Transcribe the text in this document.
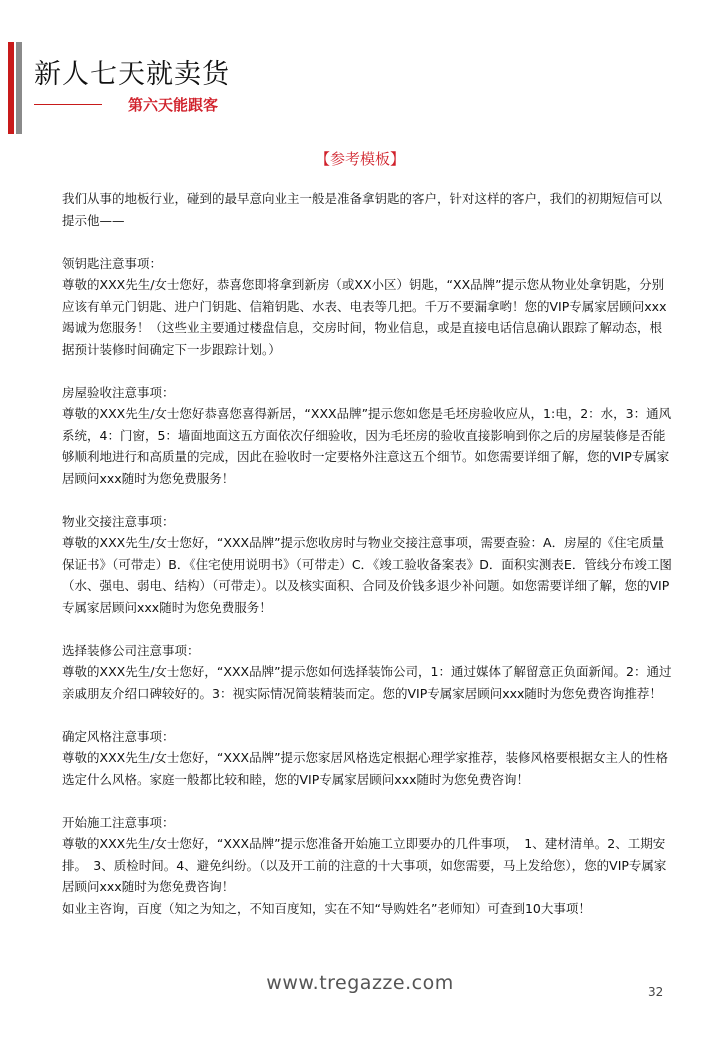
新人七天就卖货
第六天能跟客
【参考模板】

我们从事的地板行业，碰到的最早意向业主一般是准备拿钥匙的客户，针对这样的客户，我们的初期短信可以提示他——

领钥匙注意事项：

尊敬的XXX先生/女士您好，恭喜您即将拿到新房（或XX小区）钥匙，“XX品牌”提示您从物业处拿钥匙，分别应该有单元门钥匙、进户门钥匙、信箱钥匙、水表、电表等几把。千万不要漏拿哟！您的VIP专属家居顾问xxx竭诚为您服务！（这些业主要通过楼盘信息，交房时间，物业信息，或是直接电话信息确认跟踪了解动态，根据预计装修时间确定下一步跟踪计划。）

房屋验收注意事项：

尊敬的XXX先生/女士您好恭喜您喜得新居，“XXX品牌”提示您如您是毛坯房验收应从，1:电，2：水，3：通风系统，4：门窗，5：墙面地面这五方面依次仔细验收，因为毛坯房的验收直接影响到你之后的房屋装修是否能够顺利地进行和高质量的完成，因此在验收时一定要格外注意这五个细节。如您需要详细了解，您的VIP专属家居顾问xxx随时为您免费服务！

物业交接注意事项：

尊敬的XXX先生/女士您好，“XXX品牌”提示您收房时与物业交接注意事项，需要查验：A．房屋的《住宅质量保证书》（可带走）B．《住宅使用说明书》（可带走）C．《竣工验收备案表》D．面积实测表E．管线分布竣工图（水、强电、弱电、结构）（可带走）。以及核实面积、合同及价钱多退少补问题。如您需要详细了解，您的VIP专属家居顾问xxx随时为您免费服务！

选择装修公司注意事项：

尊敬的XXX先生/女士您好，“XXX品牌”提示您如何选择装饰公司，1：通过媒体了解留意正负面新闻。2：通过亲戚朋友介绍口碑较好的。3：视实际情况简装精装而定。您的VIP专属家居顾问xxx随时为您免费咨询推荐！

确定风格注意事项：

尊敬的XXX先生/女士您好，“XXX品牌”提示您家居风格选定根据心理学家推荐，装修风格要根据女主人的性格选定什么风格。家庭一般都比较和睦，您的VIP专属家居顾问xxx随时为您免费咨询！

开始施工注意事项：

尊敬的XXX先生/女士您好，“XXX品牌”提示您准备开始施工立即要办的几件事项，　1、建材清单。2、工期安排。　3、质检时间。4、避免纠纷。（以及开工前的注意的十大事项，如您需要，马上发给您），您的VIP专属家居顾问xxx随时为您免费咨询！

如业主咨询，百度（知之为知之，不知百度知，实在不知“导购姓名”老师知）可查到10大事项！

www.tregazze.com	32
